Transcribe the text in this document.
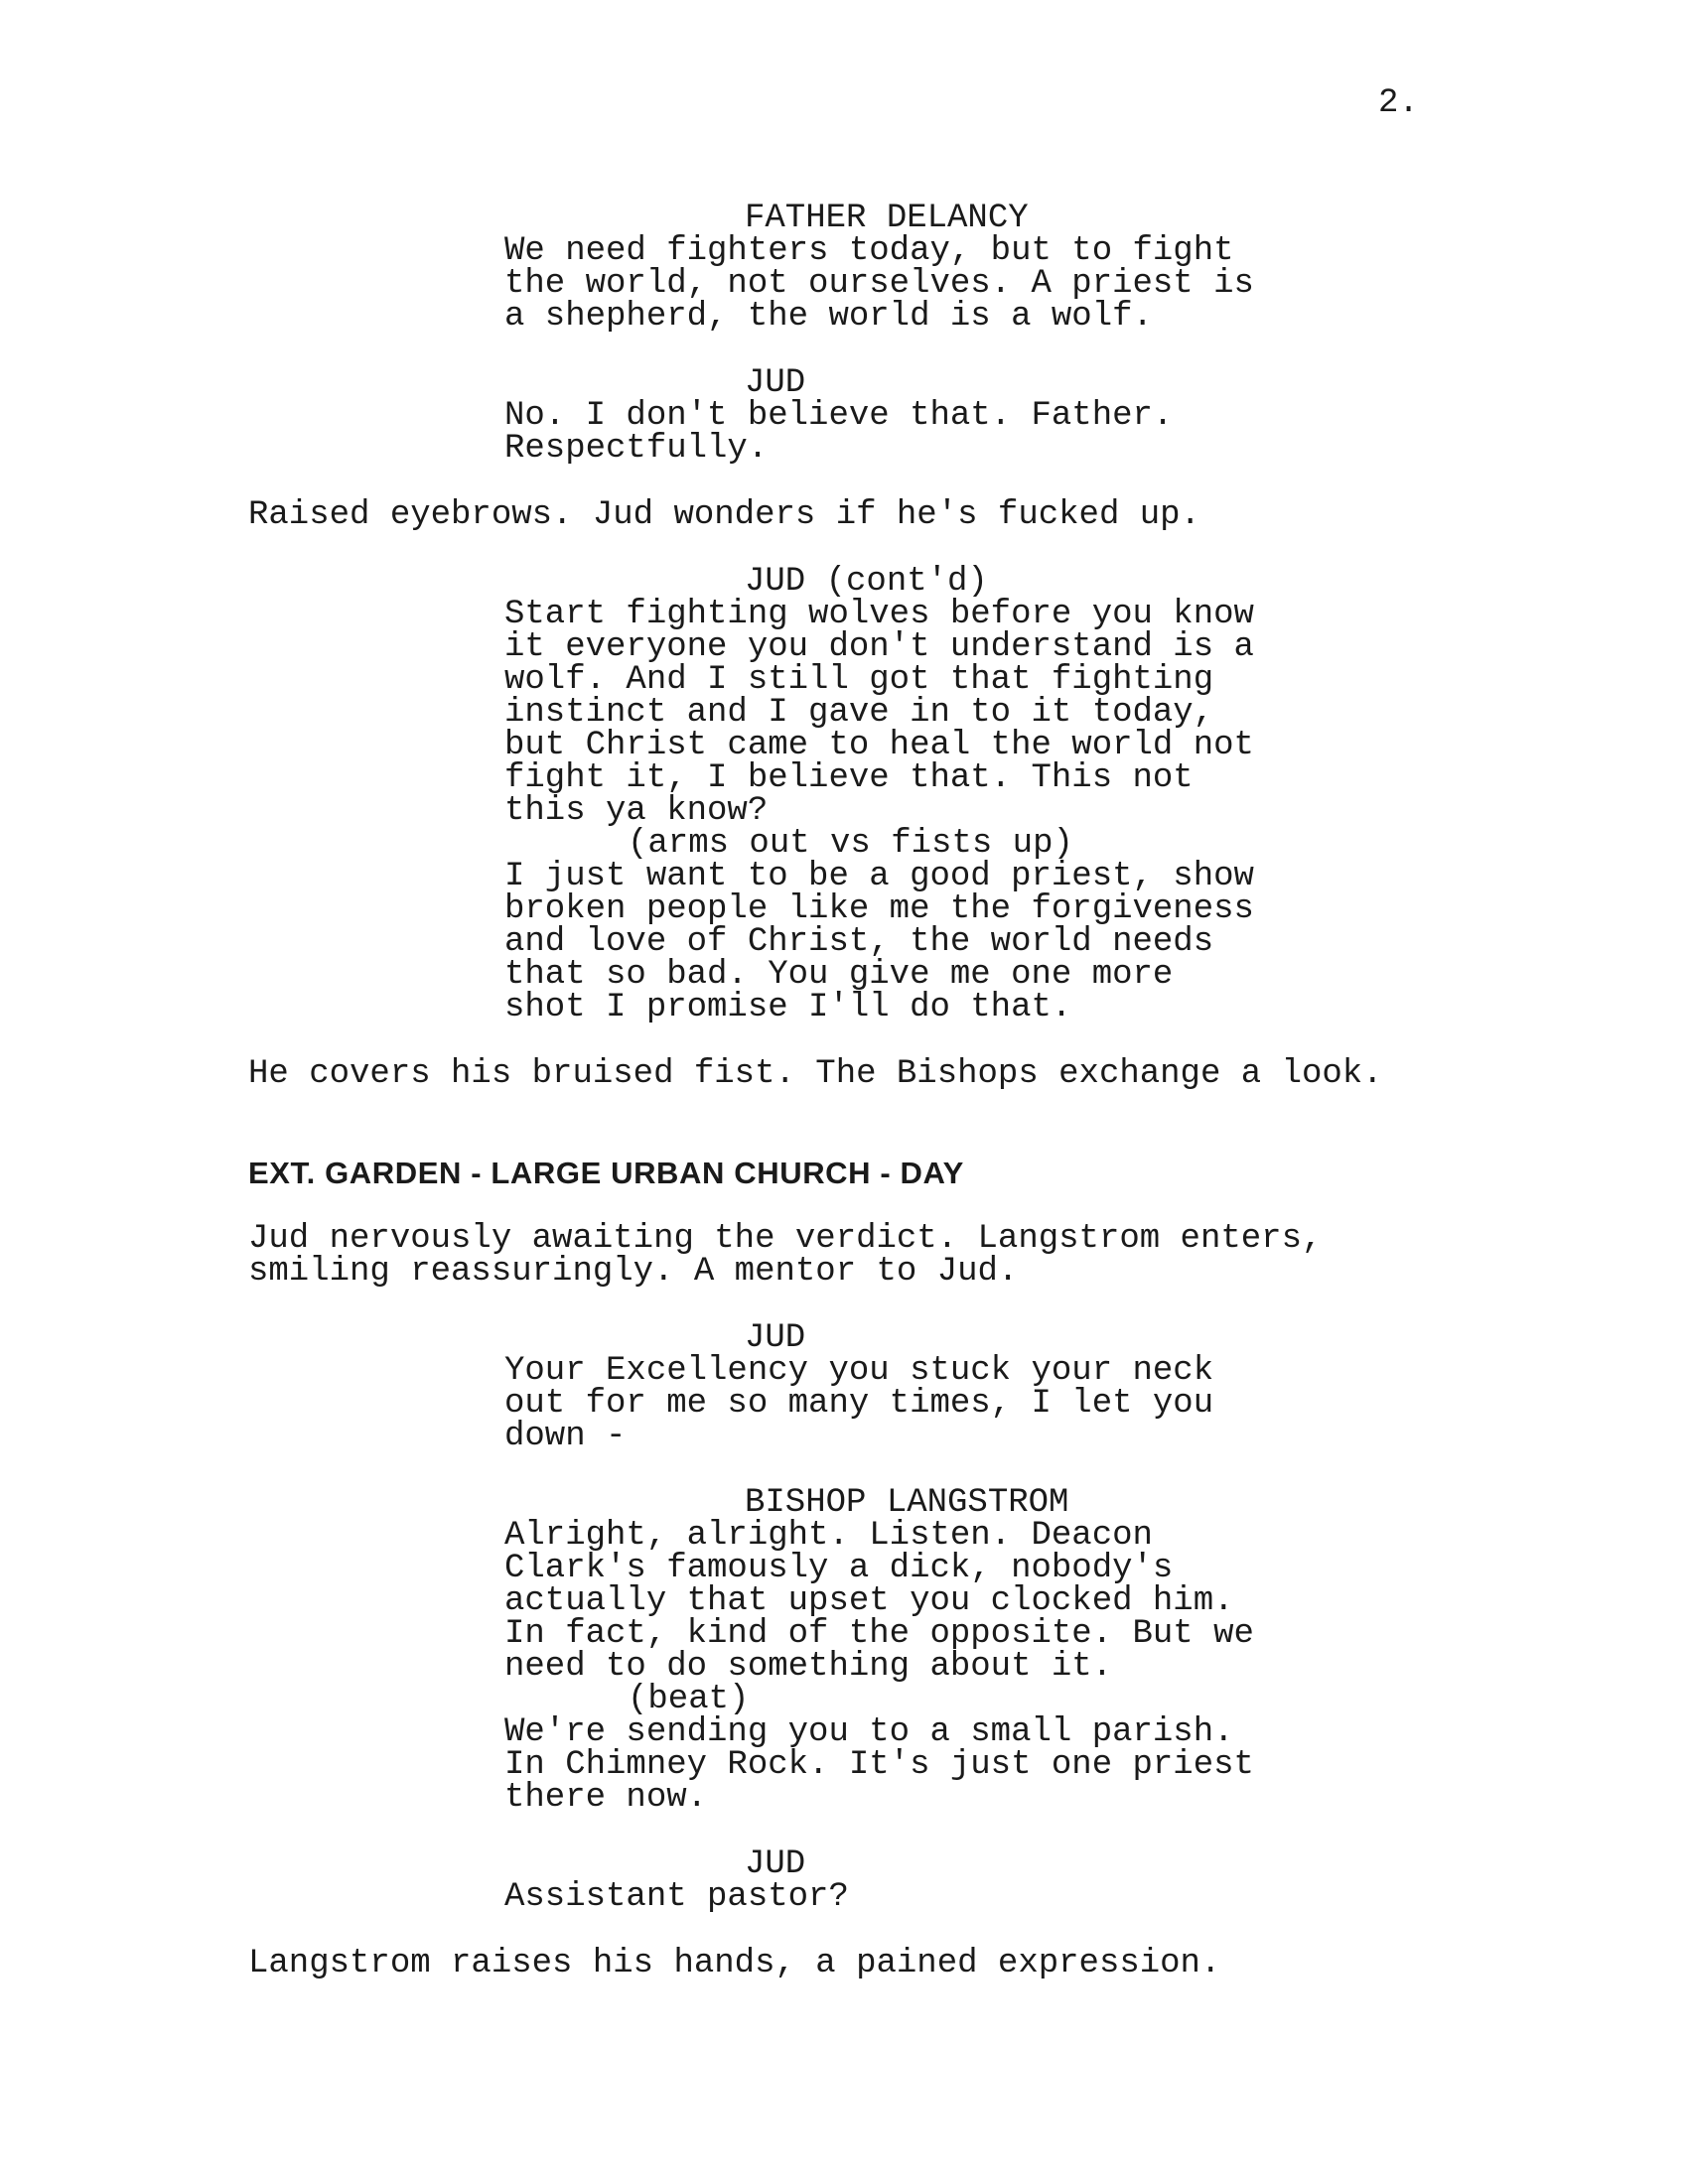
2.
FATHER DELANCY
We need fighters today, but to fight
the world, not ourselves. A priest is
a shepherd, the world is a wolf.
JUD
No. I don't believe that. Father.
Respectfully.
Raised eyebrows. Jud wonders if he's fucked up.
JUD (cont'd)
Start fighting wolves before you know
it everyone you don't understand is a
wolf. And I still got that fighting
instinct and I gave in to it today,
but Christ came to heal the world not
fight it, I believe that. This not
this ya know?
(arms out vs fists up)
I just want to be a good priest, show
broken people like me the forgiveness
and love of Christ, the world needs
that so bad. You give me one more
shot I promise I'll do that.
He covers his bruised fist. The Bishops exchange a look.
EXT. GARDEN - LARGE URBAN CHURCH - DAY
Jud nervously awaiting the verdict. Langstrom enters,
smiling reassuringly. A mentor to Jud.
JUD
Your Excellency you stuck your neck
out for me so many times, I let you
down -
BISHOP LANGSTROM
Alright, alright. Listen. Deacon
Clark's famously a dick, nobody's
actually that upset you clocked him.
In fact, kind of the opposite. But we
need to do something about it.
(beat)
We're sending you to a small parish.
In Chimney Rock. It's just one priest
there now.
JUD
Assistant pastor?
Langstrom raises his hands, a pained expression.
